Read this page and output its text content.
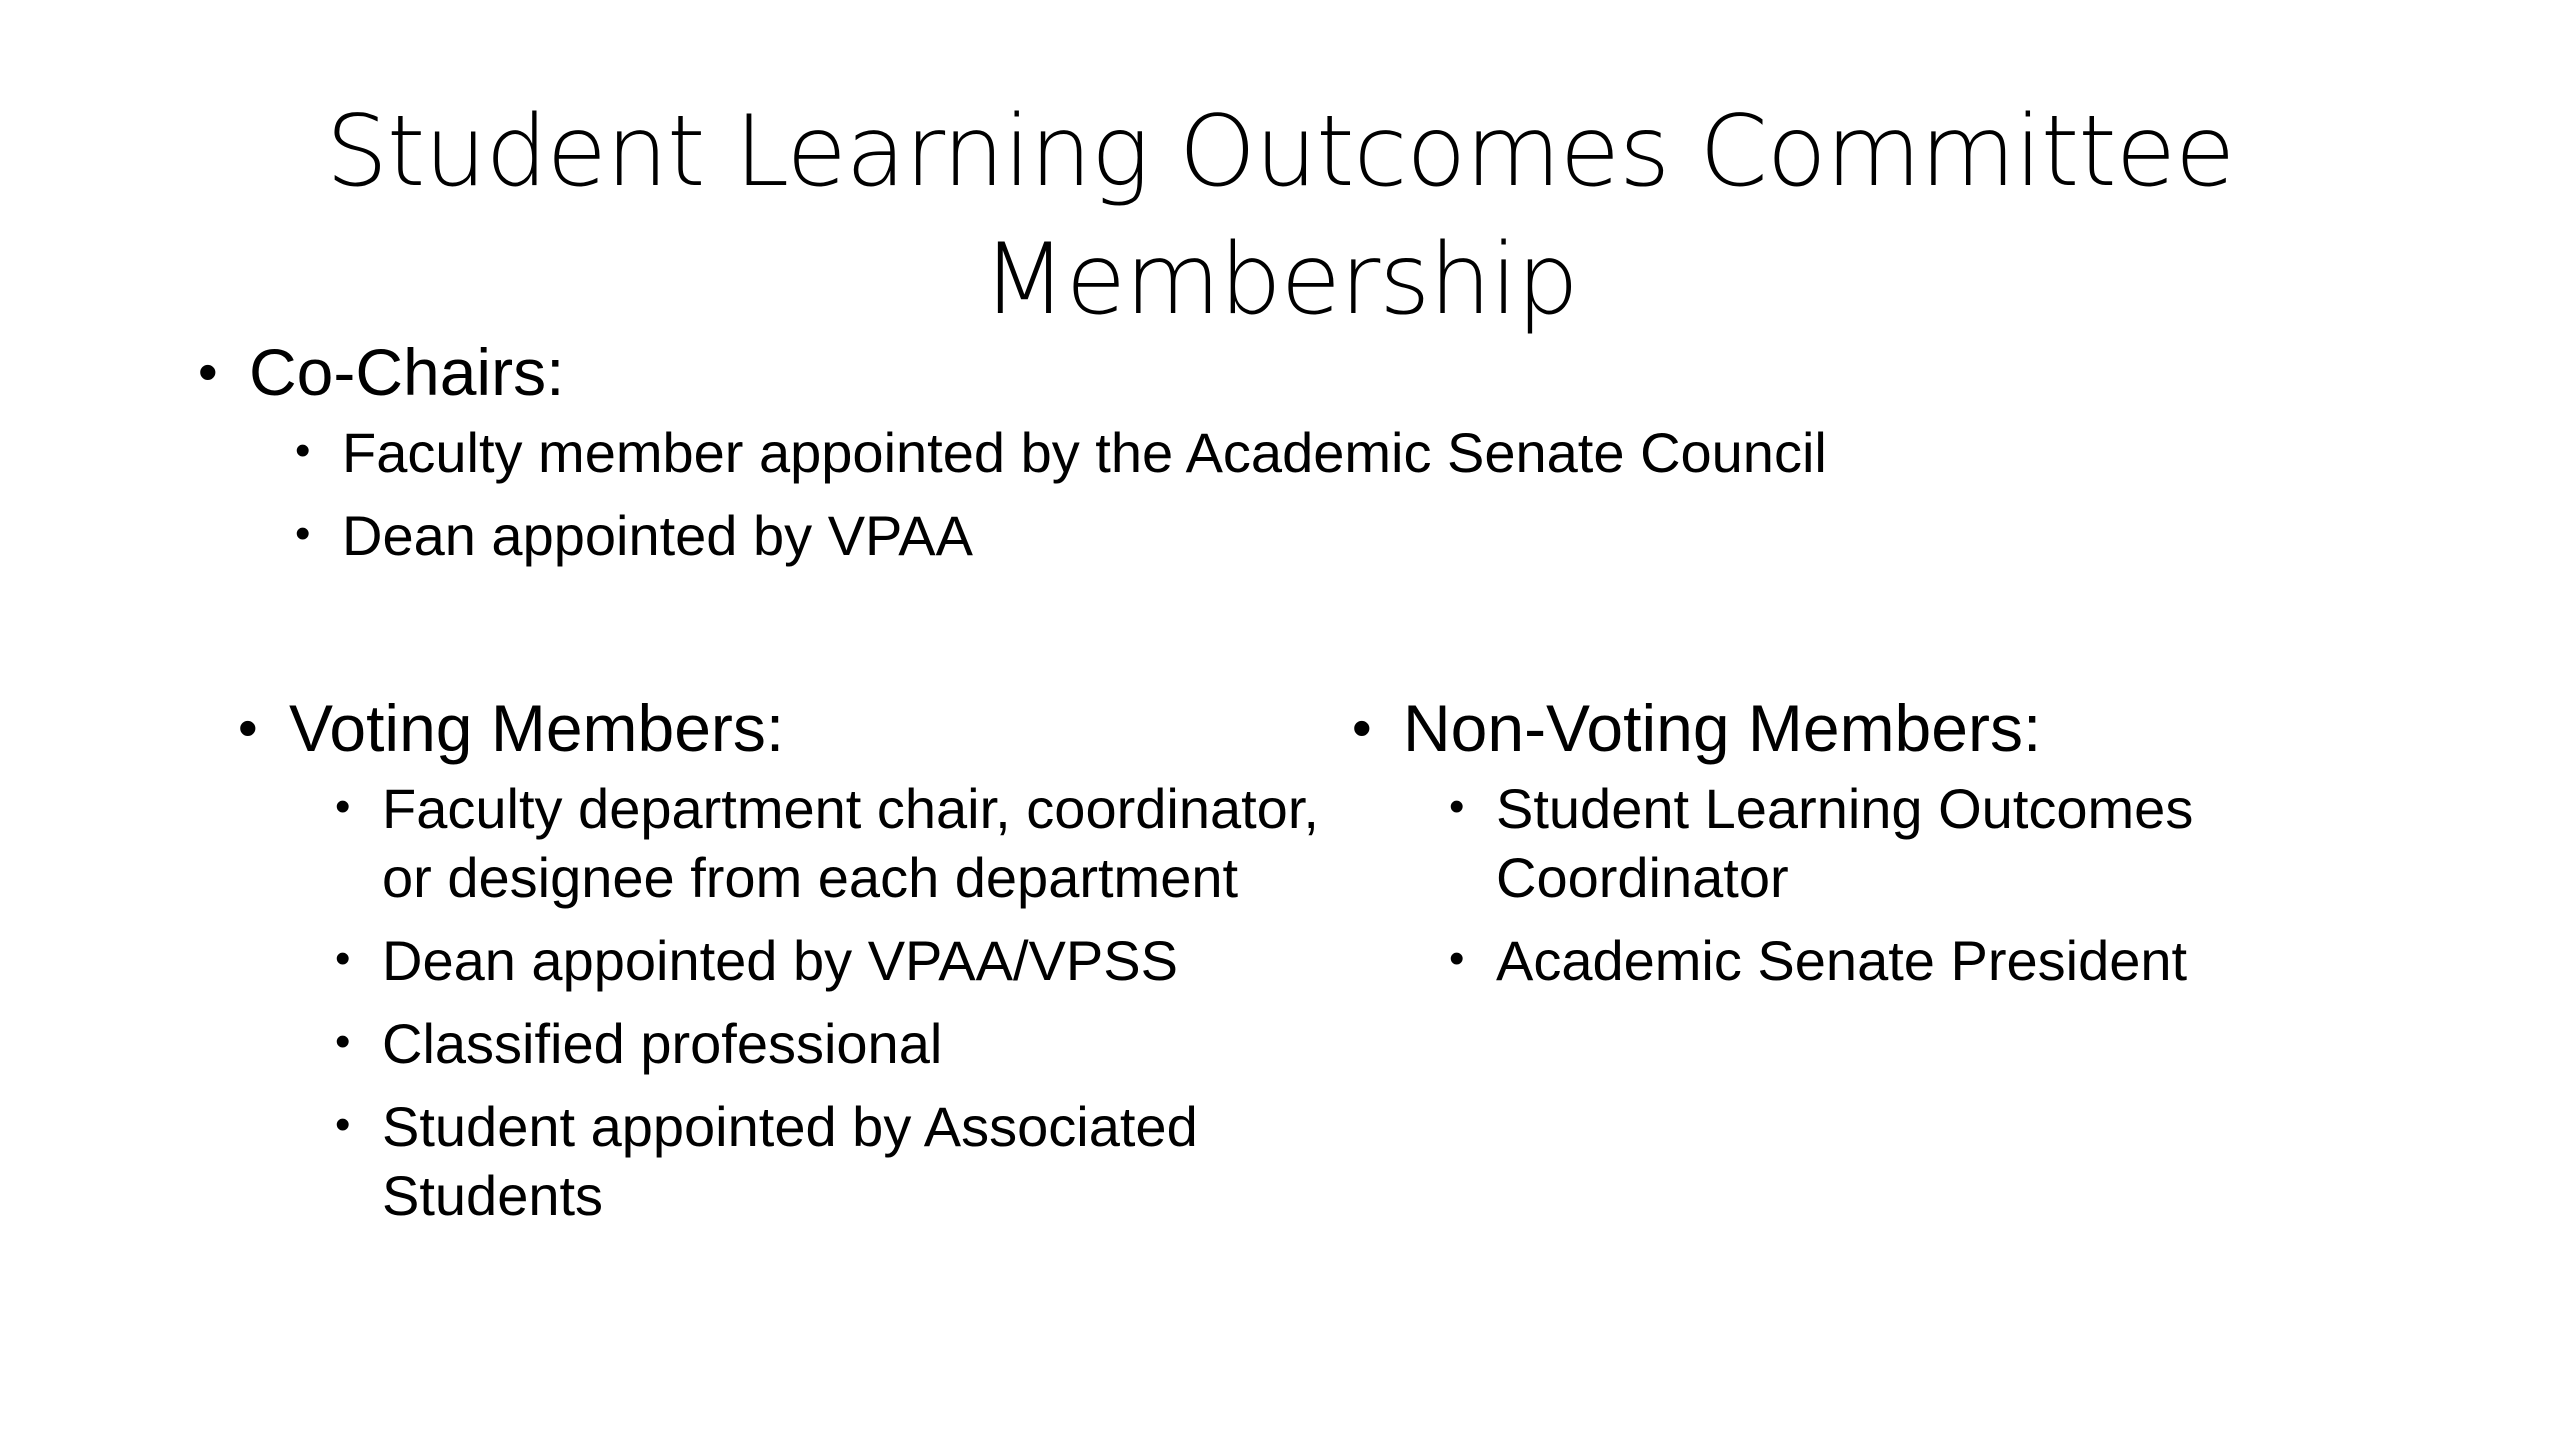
Student Learning Outcomes Committee
Membership
• Co-Chairs:
• Faculty member appointed by the Academic Senate Council
• Dean appointed by VPAA
• Voting Members:
• Faculty department chair, coordinator, or designee from each department
• Dean appointed by VPAA/VPSS
• Classified professional
• Student appointed by Associated Students
• Non-Voting Members:
• Student Learning Outcomes Coordinator
• Academic Senate President
